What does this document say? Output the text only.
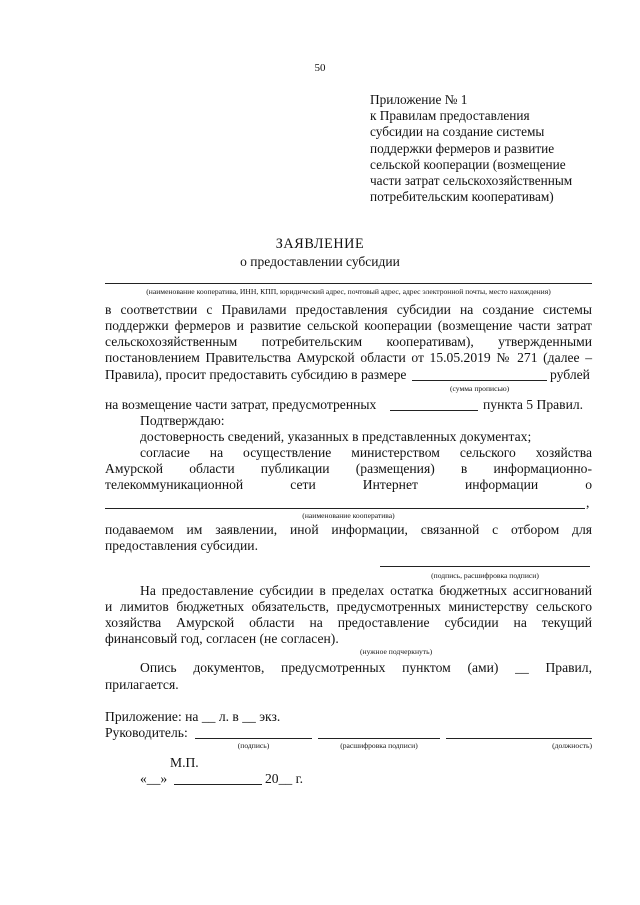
50
Приложение № 1
к Правилам предоставления
субсидии на создание системы
поддержки фермеров и развитие
сельской кооперации (возмещение
части затрат сельскохозяйственным
потребительским кооперативам)
ЗАЯВЛЕНИЕ
о предоставлении субсидии
(наименование кооператива, ИНН, КПП, юридический адрес, почтовый адрес, адрес электронной почты, место нахождения)
в соответствии с Правилами предоставления субсидии на создание системы
поддержки фермеров и развитие сельской кооперации (возмещение части затрат
сельскохозяйственным потребительским кооперативам), утвержденными
постановлением Правительства Амурской области от 15.05.2019 № 271 (далее –
Правила), просит предоставить субсидию в размере	рублей
(сумма прописью)
на возмещение части затрат, предусмотренных	пункта 5 Правил.
Подтверждаю:
достоверность сведений, указанных в представленных документах;
согласие на осуществление министерством сельского хозяйства
Амурской области публикации (размещения) в информационно-
телекоммуникационной сети Интернет информации о
,
(наименование кооператива)
подаваемом им заявлении, иной информации, связанной с отбором для
предоставления субсидии.
(подпись, расшифровка подписи)
На предоставление субсидии в пределах остатка бюджетных ассигнований
и лимитов бюджетных обязательств, предусмотренных министерству сельского
хозяйства Амурской области на предоставление субсидии на текущий
финансовый год, согласен (не согласен).
(нужное подчеркнуть)
Опись документов, предусмотренных пунктом (ами) __ Правил,
прилагается.
Приложение: на __ л. в __ экз.
Руководитель:
(подпись)	(расшифровка подписи)	(должность)
М.П.
«__»	20__ г.
